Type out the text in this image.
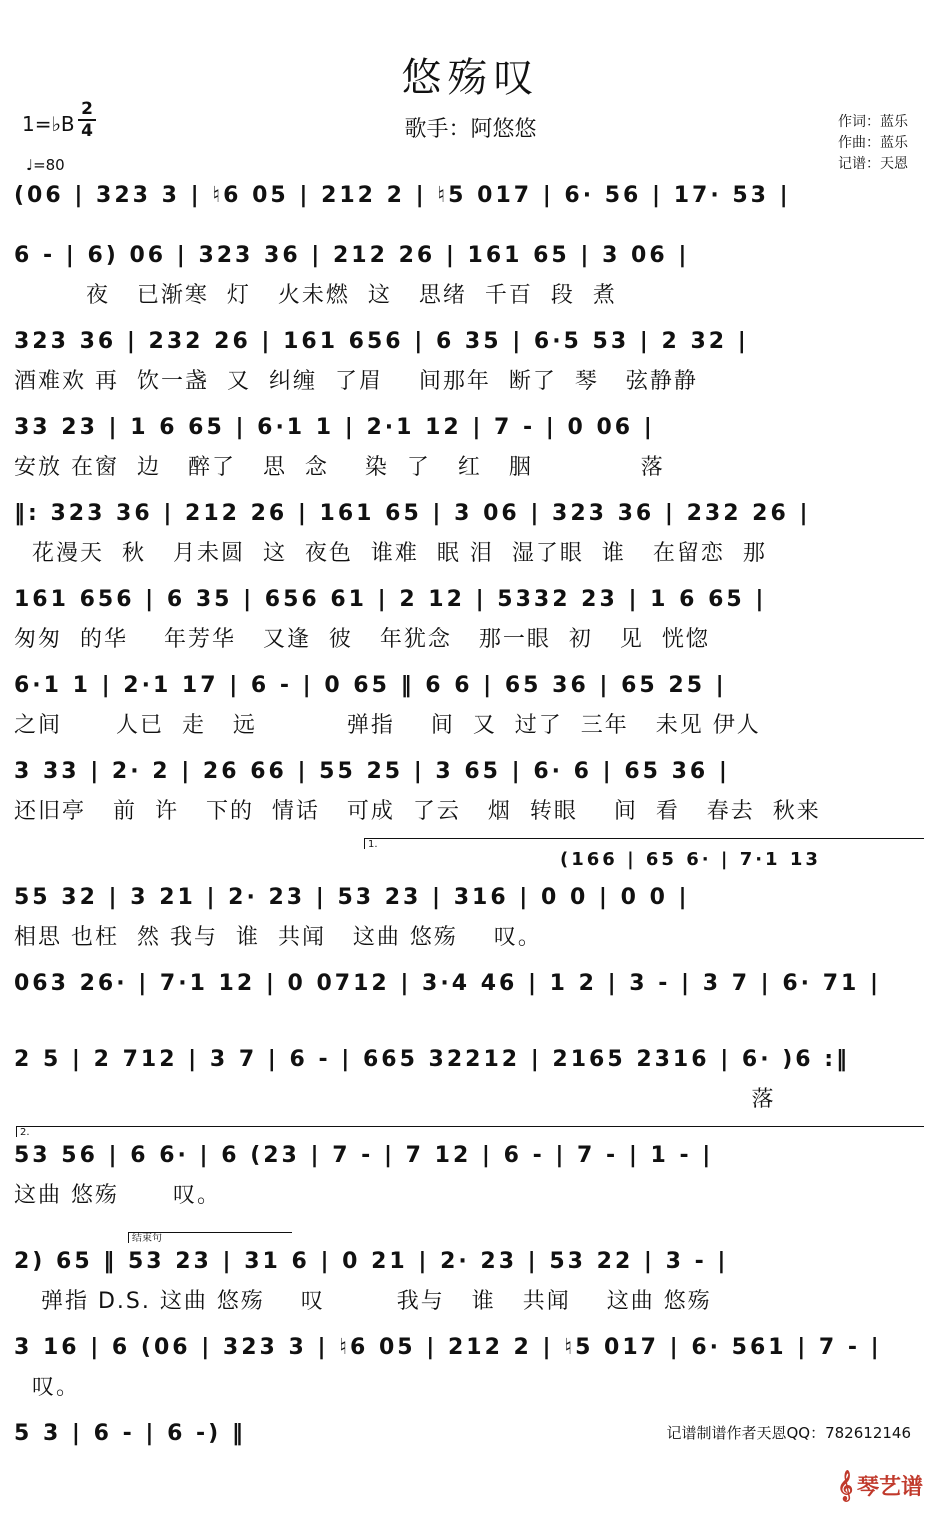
悠殇叹
歌手：阿悠悠
1=♭B
2
4
♩=80
作词：蓝乐
作曲：蓝乐
记谱：天恩
(06 | 323 3 | ♮6 05 | 212 2 | ♮5 017 | 6· 56 | 17· 53 |
6 - | 6) 06 | 323 36 | 212 26 | 161 65 | 3 06 |
夜   已渐寒  灯   火未燃  这   思绪  千百  段  煮
323 36 | 232 26 | 161 656 | 6 35 | 6·5 53 | 2 32 |
酒难欢 再  饮一盏  又  纠缠  了眉    间那年  断了  琴   弦静静
33 23 | 1 6 65 | 6·1 1 | 2·1 12 | 7 - | 0 06 |
安放 在窗  边   醉了   思  念    染  了   红   胭            落
‖: 323 36 | 212 26 | 161 65 | 3 06 | 323 36 | 232 26 |
花漫天  秋   月未圆  这  夜色  谁难  眠 泪  湿了眼  谁   在留恋  那
161 656 | 6 35 | 656 61 | 2 12 | 5332 23 | 1 6 65 |
匆匆  的华    年芳华   又逢  彼   年犹念   那一眼  初   见  恍惚
6·1 1 | 2·1 17 | 6 - | 0 65 ‖ 6 6 | 65 36 | 65 25 |
之间      人已  走   远          弹指    间  又  过了  三年   未见 伊人
3 33 | 2· 2 | 26 66 | 55 25 | 3 65 | 6· 6 | 65 36 |
还旧亭   前  许   下的  情话   可成  了云   烟  转眼    间  看   春去  秋来
1.
(166 | 65 6· | 7·1 13
55 32 | 3 21 | 2· 23 | 53 23 | 316 | 0 0 | 0 0 |
相思 也枉  然 我与  谁  共闻   这曲 悠殇    叹。
063 26· | 7·1 12 | 0 0712 | 3·4 46 | 1 2 | 3 - | 3 7 | 6· 71 |
2 5 | 2 712 | 3 7 | 6 - | 665 32212 | 2165 2316 | 6· )6 :‖
落
2.
53 56 | 6 6· | 6 (23 | 7 - | 7 12 | 6 - | 7 - | 1 - |
这曲 悠殇      叹。
结束句
2) 65 ‖ 53 23 | 31 6 | 0 21 | 2· 23 | 53 22 | 3 - |
弹指 D.S. 这曲 悠殇    叹        我与   谁   共闻    这曲 悠殇
3 16 | 6 (06 | 323 3 | ♮6 05 | 212 2 | ♮5 017 | 6· 561 | 7 - |
叹。
5 3 | 6 - | 6 -) ‖	记谱制谱作者天恩QQ：782612146
𝄞 琴艺谱
